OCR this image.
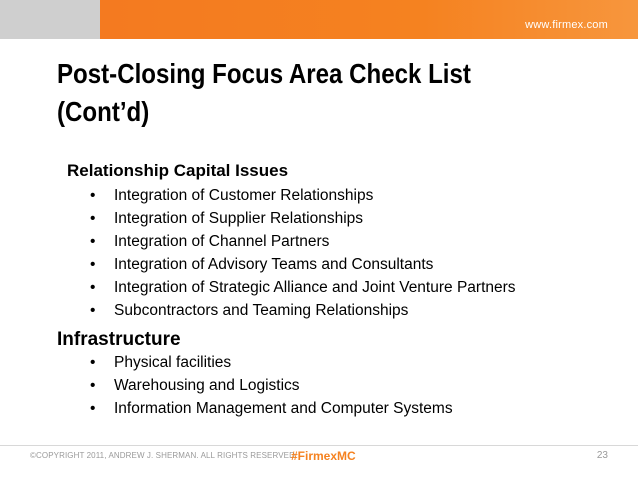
www.firmex.com
Post-Closing Focus Area Check List
(Cont’d)
Relationship Capital Issues
• Integration of Customer Relationships
• Integration of Supplier Relationships
• Integration of Channel Partners
• Integration of Advisory Teams and Consultants
• Integration of Strategic Alliance and Joint Venture Partners
• Subcontractors and Teaming Relationships
Infrastructure
• Physical facilities
• Warehousing and Logistics
• Information Management and Computer Systems
©COPYRIGHT 2011, ANDREW J. SHERMAN. ALL RIGHTS RESERVED
#FirmexMC	23
